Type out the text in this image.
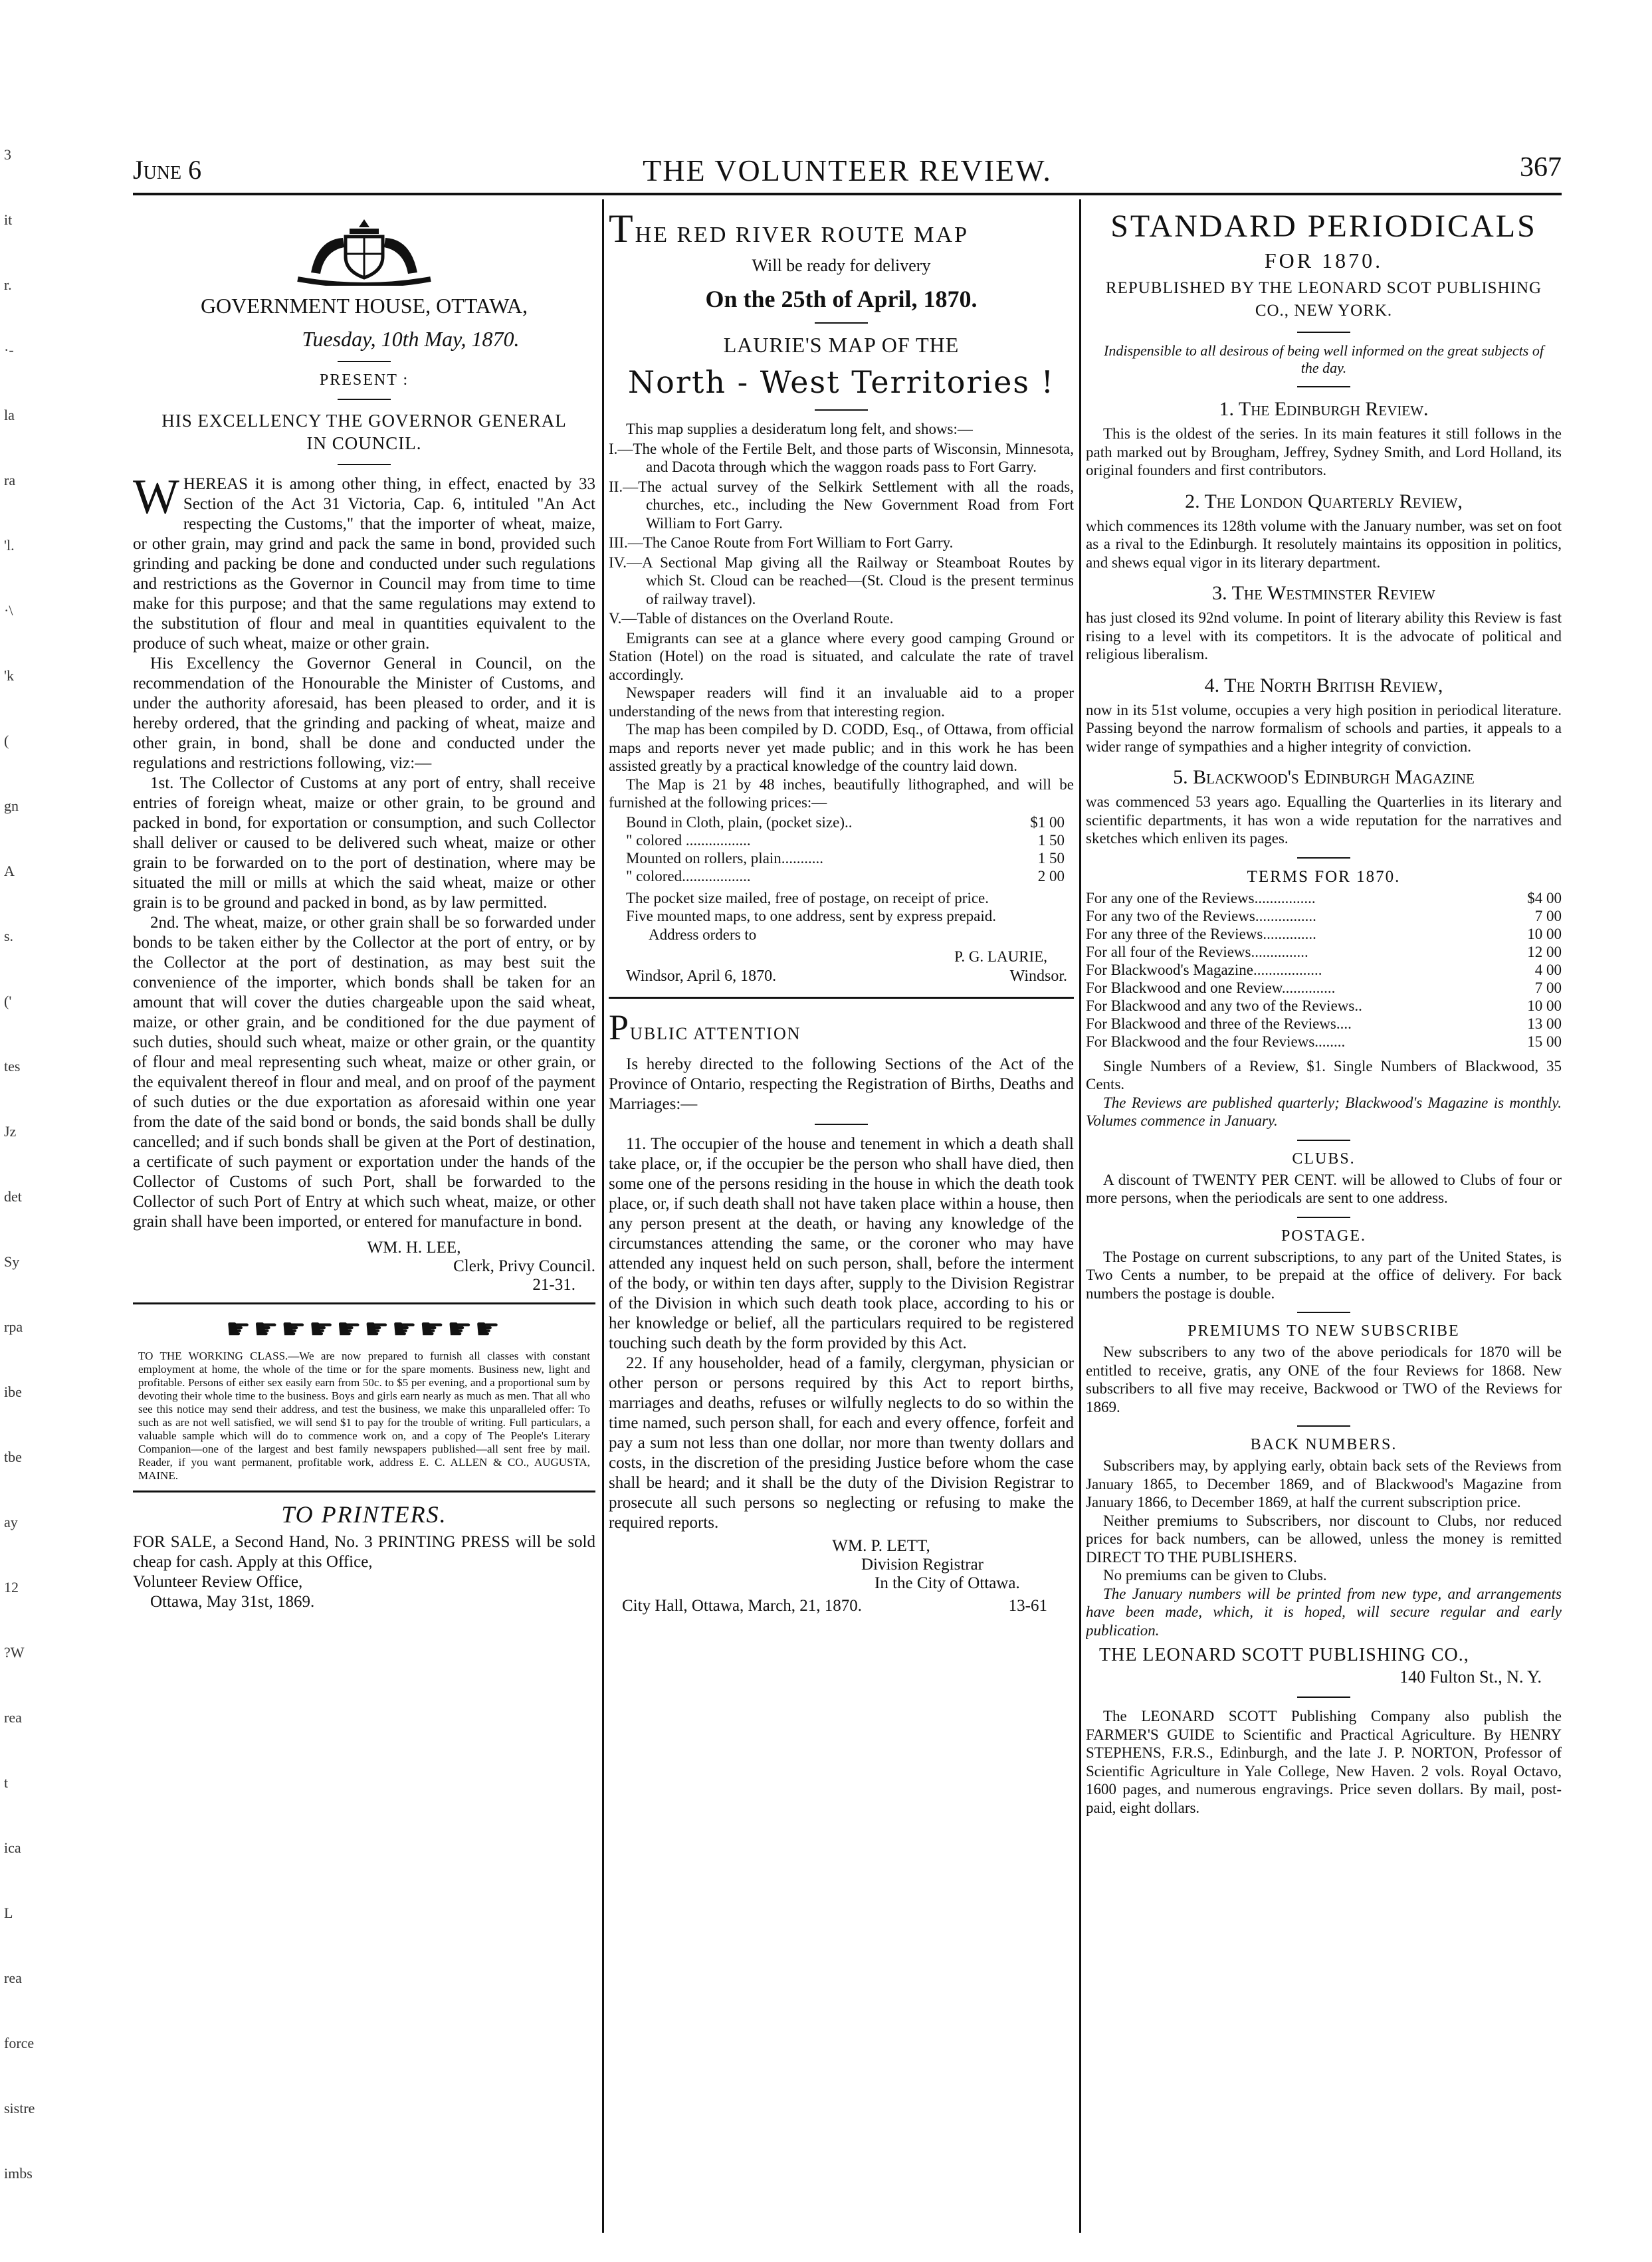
3
it
r.
·-
la
ra
'l.
·\
'k
(
gn
A
s.
('
tes
Jz
det
Sy
rpa
ibe
tbe
ay
12
?W
rea
t
ica
L
rea
force
sistre
imbs
June 6	THE VOLUNTEER REVIEW.	367

GOVERNMENT HOUSE, OTTAWA,

Tuesday, 10th May, 1870.

PRESENT :

HIS EXCELLENCY THE GOVERNOR GENERAL IN COUNCIL.

WHEREAS it is among other thing, in effect, enacted by 33 Section of the Act 31 Victoria, Cap. 6, intituled "An Act respecting the Customs," that the importer of wheat, maize, or other grain, may grind and pack the same in bond, provided such grinding and packing be done and conducted under such regulations and restrictions as the Governor in Council may from time to time make for this purpose; and that the same regulations may extend to the substitution of flour and meal in quantities equivalent to the produce of such wheat, maize or other grain.

His Excellency the Governor General in Council, on the recommendation of the Honourable the Minister of Customs, and under the authority aforesaid, has been pleased to order, and it is hereby ordered, that the grinding and packing of wheat, maize and other grain, in bond, shall be done and conducted under the regulations and restrictions following, viz:—

1st. The Collector of Customs at any port of entry, shall receive entries of foreign wheat, maize or other grain, to be ground and packed in bond, for exportation or consumption, and such Collector shall deliver or caused to be delivered such wheat, maize or other grain to be forwarded on to the port of destination, where may be situated the mill or mills at which the said wheat, maize or other grain is to be ground and packed in bond, as by law permitted.

2nd. The wheat, maize, or other grain shall be so forwarded under bonds to be taken either by the Collector at the port of entry, or by the Collector at the port of destination, as may best suit the convenience of the importer, which bonds shall be taken for an amount that will cover the duties chargeable upon the said wheat, maize, or other grain, and be conditioned for the due payment of such duties, should such wheat, maize or other grain, or the quantity of flour and meal representing such wheat, maize or other grain, or the equivalent thereof in flour and meal, and on proof of the payment of such duties or the due exportation as aforesaid within one year from the date of the said bond or bonds, the said bonds shall be dully cancelled; and if such bonds shall be given at the Port of destination, a certificate of such payment or exportation under the hands of the Collector of Customs of such Port, shall be forwarded to the Collector of such Port of Entry at which such wheat, maize, or other grain shall have been imported, or entered for manufacture in bond.

WM. H. LEE,

Clerk, Privy Council.

21-31.

☛☛☛☛☛☛☛☛☛☛

TO THE WORKING CLASS.—We are now prepared to furnish all classes with constant employment at home, the whole of the time or for the spare moments. Business new, light and profitable. Persons of either sex easily earn from 50c. to $5 per evening, and a proportional sum by devoting their whole time to the business. Boys and girls earn nearly as much as men. That all who see this notice may send their address, and test the business, we make this unparalleled offer: To such as are not well satisfied, we will send $1 to pay for the trouble of writing. Full particulars, a valuable sample which will do to commence work on, and a copy of The People's Literary Companion—one of the largest and best family newspapers published—all sent free by mail. Reader, if you want permanent, profitable work, address E. C. ALLEN & CO., AUGUSTA, MAINE.

TO PRINTERS.

FOR SALE, a Second Hand, No. 3 PRINTING PRESS will be sold cheap for cash. Apply at this Office,

Volunteer Review Office,

Ottawa, May 31st, 1869.

THE RED RIVER ROUTE MAP

Will be ready for delivery

On the 25th of April, 1870.

LAURIE'S MAP OF THE

North - West Territories !

This map supplies a desideratum long felt, and shows:—

I.—The whole of the Fertile Belt, and those parts of Wisconsin, Minnesota, and Dacota through which the waggon roads pass to Fort Garry.

II.—The actual survey of the Selkirk Settlement with all the roads, churches, etc., including the New Government Road from Fort William to Fort Garry.

III.—The Canoe Route from Fort William to Fort Garry.

IV.—A Sectional Map giving all the Railway or Steamboat Routes by which St. Cloud can be reached—(St. Cloud is the present terminus of railway travel).

V.—Table of distances on the Overland Route.

Emigrants can see at a glance where every good camping Ground or Station (Hotel) on the road is situated, and calculate the rate of travel accordingly.

Newspaper readers will find it an invaluable aid to a proper understanding of the news from that interesting region.

The map has been compiled by D. CODD, Esq., of Ottawa, from official maps and reports never yet made public; and in this work he has been assisted greatly by a practical knowledge of the country laid down.

The Map is 21 by 48 inches, beautifully lithographed, and will be furnished at the following prices:—

Bound in Cloth, plain, (pocket size)..	$1 00
" colored .................	1 50
Mounted on rollers, plain...........	1 50
" colored..................	2 00

The pocket size mailed, free of postage, on receipt of price.

Five mounted maps, to one address, sent by express prepaid.

Address orders to

P. G. LAURIE,

Windsor, April 6, 1870.	Windsor.

PUBLIC ATTENTION

Is hereby directed to the following Sections of the Act of the Province of Ontario, respecting the Registration of Births, Deaths and Marriages:—

11. The occupier of the house and tenement in which a death shall take place, or, if the occupier be the person who shall have died, then some one of the persons residing in the house in which the death took place, or, if such death shall not have taken place within a house, then any person present at the death, or having any knowledge of the circumstances attending the same, or the coroner who may have attended any inquest held on such person, shall, before the interment of the body, or within ten days after, supply to the Division Registrar of the Division in which such death took place, according to his or her knowledge or belief, all the particulars required to be registered touching such death by the form provided by this Act.

22. If any householder, head of a family, clergyman, physician or other person or persons required by this Act to report births, marriages and deaths, refuses or wilfully neglects to do so within the time named, such person shall, for each and every offence, forfeit and pay a sum not less than one dollar, nor more than twenty dollars and costs, in the discretion of the presiding Justice before whom the case shall be heard; and it shall be the duty of the Division Registrar to prosecute all such persons so neglecting or refusing to make the required reports.

WM. P. LETT,

Division Registrar

In the City of Ottawa.

City Hall, Ottawa, March, 21, 1870.	13-61

STANDARD PERIODICALS

FOR 1870.

REPUBLISHED BY THE LEONARD SCOT PUBLISHING CO., NEW YORK.

Indispensible to all desirous of being well informed on the great subjects of the day.

1. The Edinburgh Review.

This is the oldest of the series. In its main features it still follows in the path marked out by Brougham, Jeffrey, Sydney Smith, and Lord Holland, its original founders and first contributors.

2. The London Quarterly Review,

which commences its 128th volume with the January number, was set on foot as a rival to the Edinburgh. It resolutely maintains its opposition in politics, and shews equal vigor in its literary department.

3. The Westminster Review

has just closed its 92nd volume. In point of literary ability this Review is fast rising to a level with its competitors. It is the advocate of political and religious liberalism.

4. The North British Review,

now in its 51st volume, occupies a very high position in periodical literature. Passing beyond the narrow formalism of schools and parties, it appeals to a wider range of sympathies and a higher integrity of conviction.

5. Blackwood's Edinburgh Magazine

was commenced 53 years ago. Equalling the Quarterlies in its literary and scientific departments, it has won a wide reputation for the narratives and sketches which enliven its pages.

TERMS FOR 1870.

For any one of the Reviews................	$4 00
For any two of the Reviews................	7 00
For any three of the Reviews..............	10 00
For all four of the Reviews...............	12 00
For Blackwood's Magazine..................	4 00
For Blackwood and one Review..............	7 00
For Blackwood and any two of the Reviews..	10 00
For Blackwood and three of the Reviews....	13 00
For Blackwood and the four Reviews........	15 00

Single Numbers of a Review, $1. Single Numbers of Blackwood, 35 Cents.

The Reviews are published quarterly; Blackwood's Magazine is monthly. Volumes commence in January.

CLUBS.

A discount of TWENTY PER CENT. will be allowed to Clubs of four or more persons, when the periodicals are sent to one address.

POSTAGE.

The Postage on current subscriptions, to any part of the United States, is Two Cents a number, to be prepaid at the office of delivery. For back numbers the postage is double.

PREMIUMS TO NEW SUBSCRIBE

New subscribers to any two of the above periodicals for 1870 will be entitled to receive, gratis, any ONE of the four Reviews for 1868. New subscribers to all five may receive, Backwood or TWO of the Reviews for 1869.

BACK NUMBERS.

Subscribers may, by applying early, obtain back sets of the Reviews from January 1865, to December 1869, and of Blackwood's Magazine from January 1866, to December 1869, at half the current subscription price.

Neither premiums to Subscribers, nor discount to Clubs, nor reduced prices for back numbers, can be allowed, unless the money is remitted DIRECT TO THE PUBLISHERS.

No premiums can be given to Clubs.

The January numbers will be printed from new type, and arrangements have been made, which, it is hoped, will secure regular and early publication.

THE LEONARD SCOTT PUBLISHING CO.,

140 Fulton St., N. Y.

The LEONARD SCOTT Publishing Company also publish the FARMER'S GUIDE to Scientific and Practical Agriculture. By HENRY STEPHENS, F.R.S., Edinburgh, and the late J. P. NORTON, Professor of Scientific Agriculture in Yale College, New Haven. 2 vols. Royal Octavo, 1600 pages, and numerous engravings. Price seven dollars. By mail, post-paid, eight dollars.
